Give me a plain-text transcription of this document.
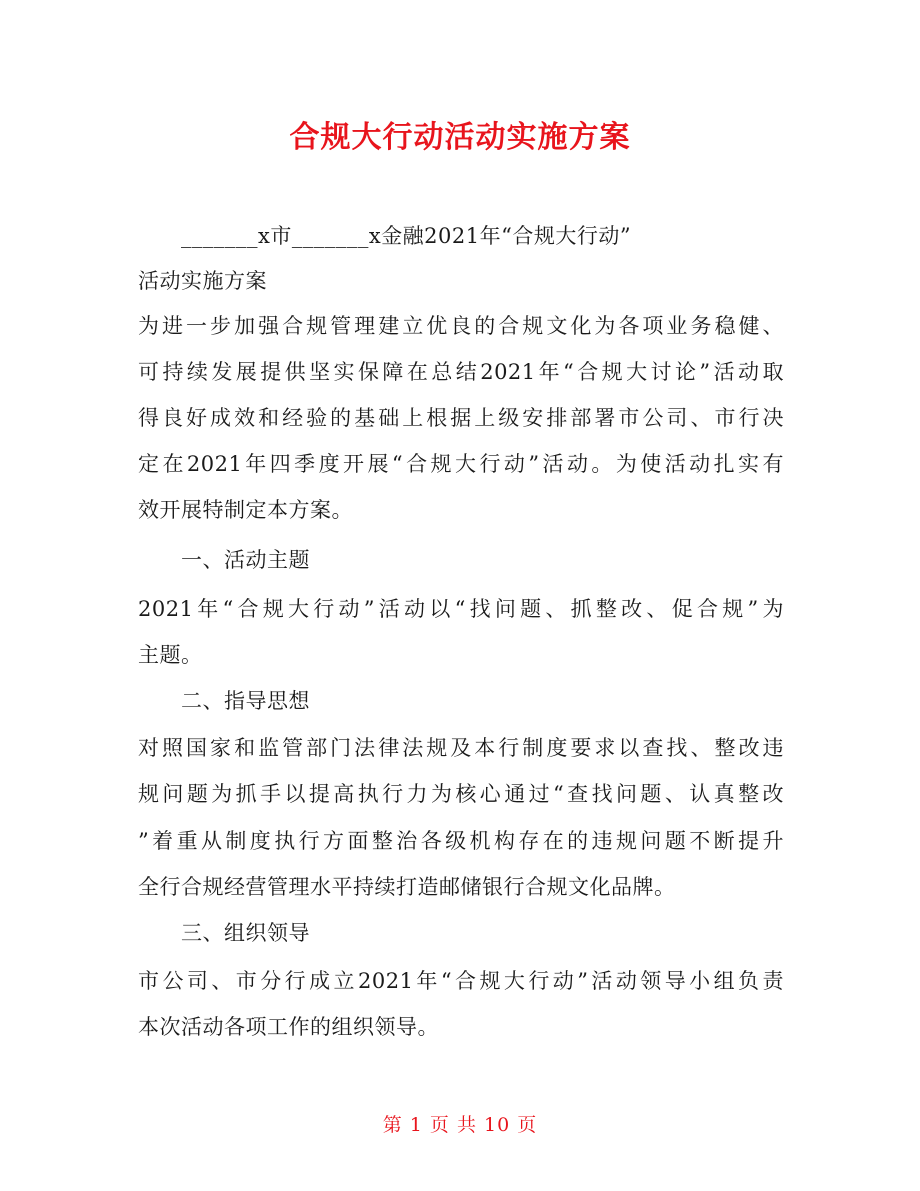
合规大行动活动实施方案
_______x市_______x金融2021年“合规大行动”
活动实施方案
为进一步加强合规管理建立优良的合规文化为各项业务稳健、
可持续发展提供坚实保障在总结2021年“合规大讨论”活动取
得良好成效和经验的基础上根据上级安排部署市公司、市行决
定在2021年四季度开展“合规大行动”活动。为使活动扎实有
效开展特制定本方案。
一、活动主题
2021年“合规大行动”活动以“找问题、抓整改、促合规”为
主题。
二、指导思想
对照国家和监管部门法律法规及本行制度要求以查找、整改违
规问题为抓手以提高执行力为核心通过“查找问题、认真整改
”着重从制度执行方面整治各级机构存在的违规问题不断提升
全行合规经营管理水平持续打造邮储银行合规文化品牌。
三、组织领导
市公司、市分行成立2021年“合规大行动”活动领导小组负责
本次活动各项工作的组织领导。
第 1 页 共 10 页
